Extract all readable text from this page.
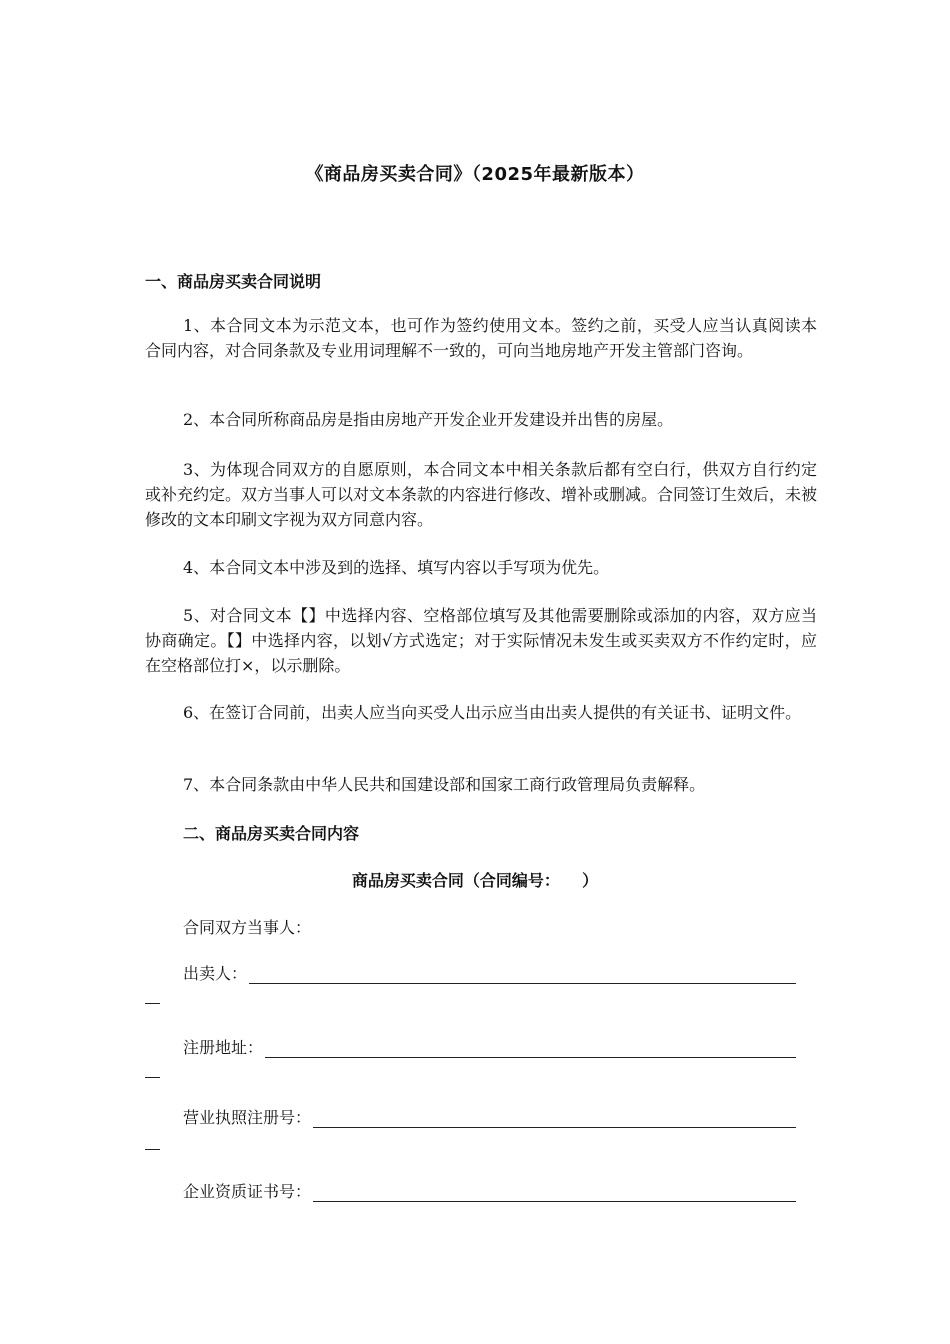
《商品房买卖合同》（2025年最新版本）
一、商品房买卖合同说明

1、本合同文本为示范文本，也可作为签约使用文本。签约之前，买受人应当认真阅读本合同内容，对合同条款及专业用词理解不一致的，可向当地房地产开发主管部门咨询。

2、本合同所称商品房是指由房地产开发企业开发建设并出售的房屋。

3、为体现合同双方的自愿原则，本合同文本中相关条款后都有空白行，供双方自行约定或补充约定。双方当事人可以对文本条款的内容进行修改、增补或删减。合同签订生效后，未被修改的文本印刷文字视为双方同意内容。

4、本合同文本中涉及到的选择、填写内容以手写项为优先。

5、对合同文本【】中选择内容、空格部位填写及其他需要删除或添加的内容，双方应当协商确定。【】中选择内容，以划√方式选定；对于实际情况未发生或买卖双方不作约定时，应在空格部位打×，以示删除。

6、在签订合同前，出卖人应当向买受人出示应当由出卖人提供的有关证书、证明文件。

7、本合同条款由中华人民共和国建设部和国家工商行政管理局负责解释。

二、商品房买卖合同内容
商品房买卖合同（合同编号：    ）

合同双方当事人：

出卖人：
注册地址：
营业执照注册号：
企业资质证书号：
